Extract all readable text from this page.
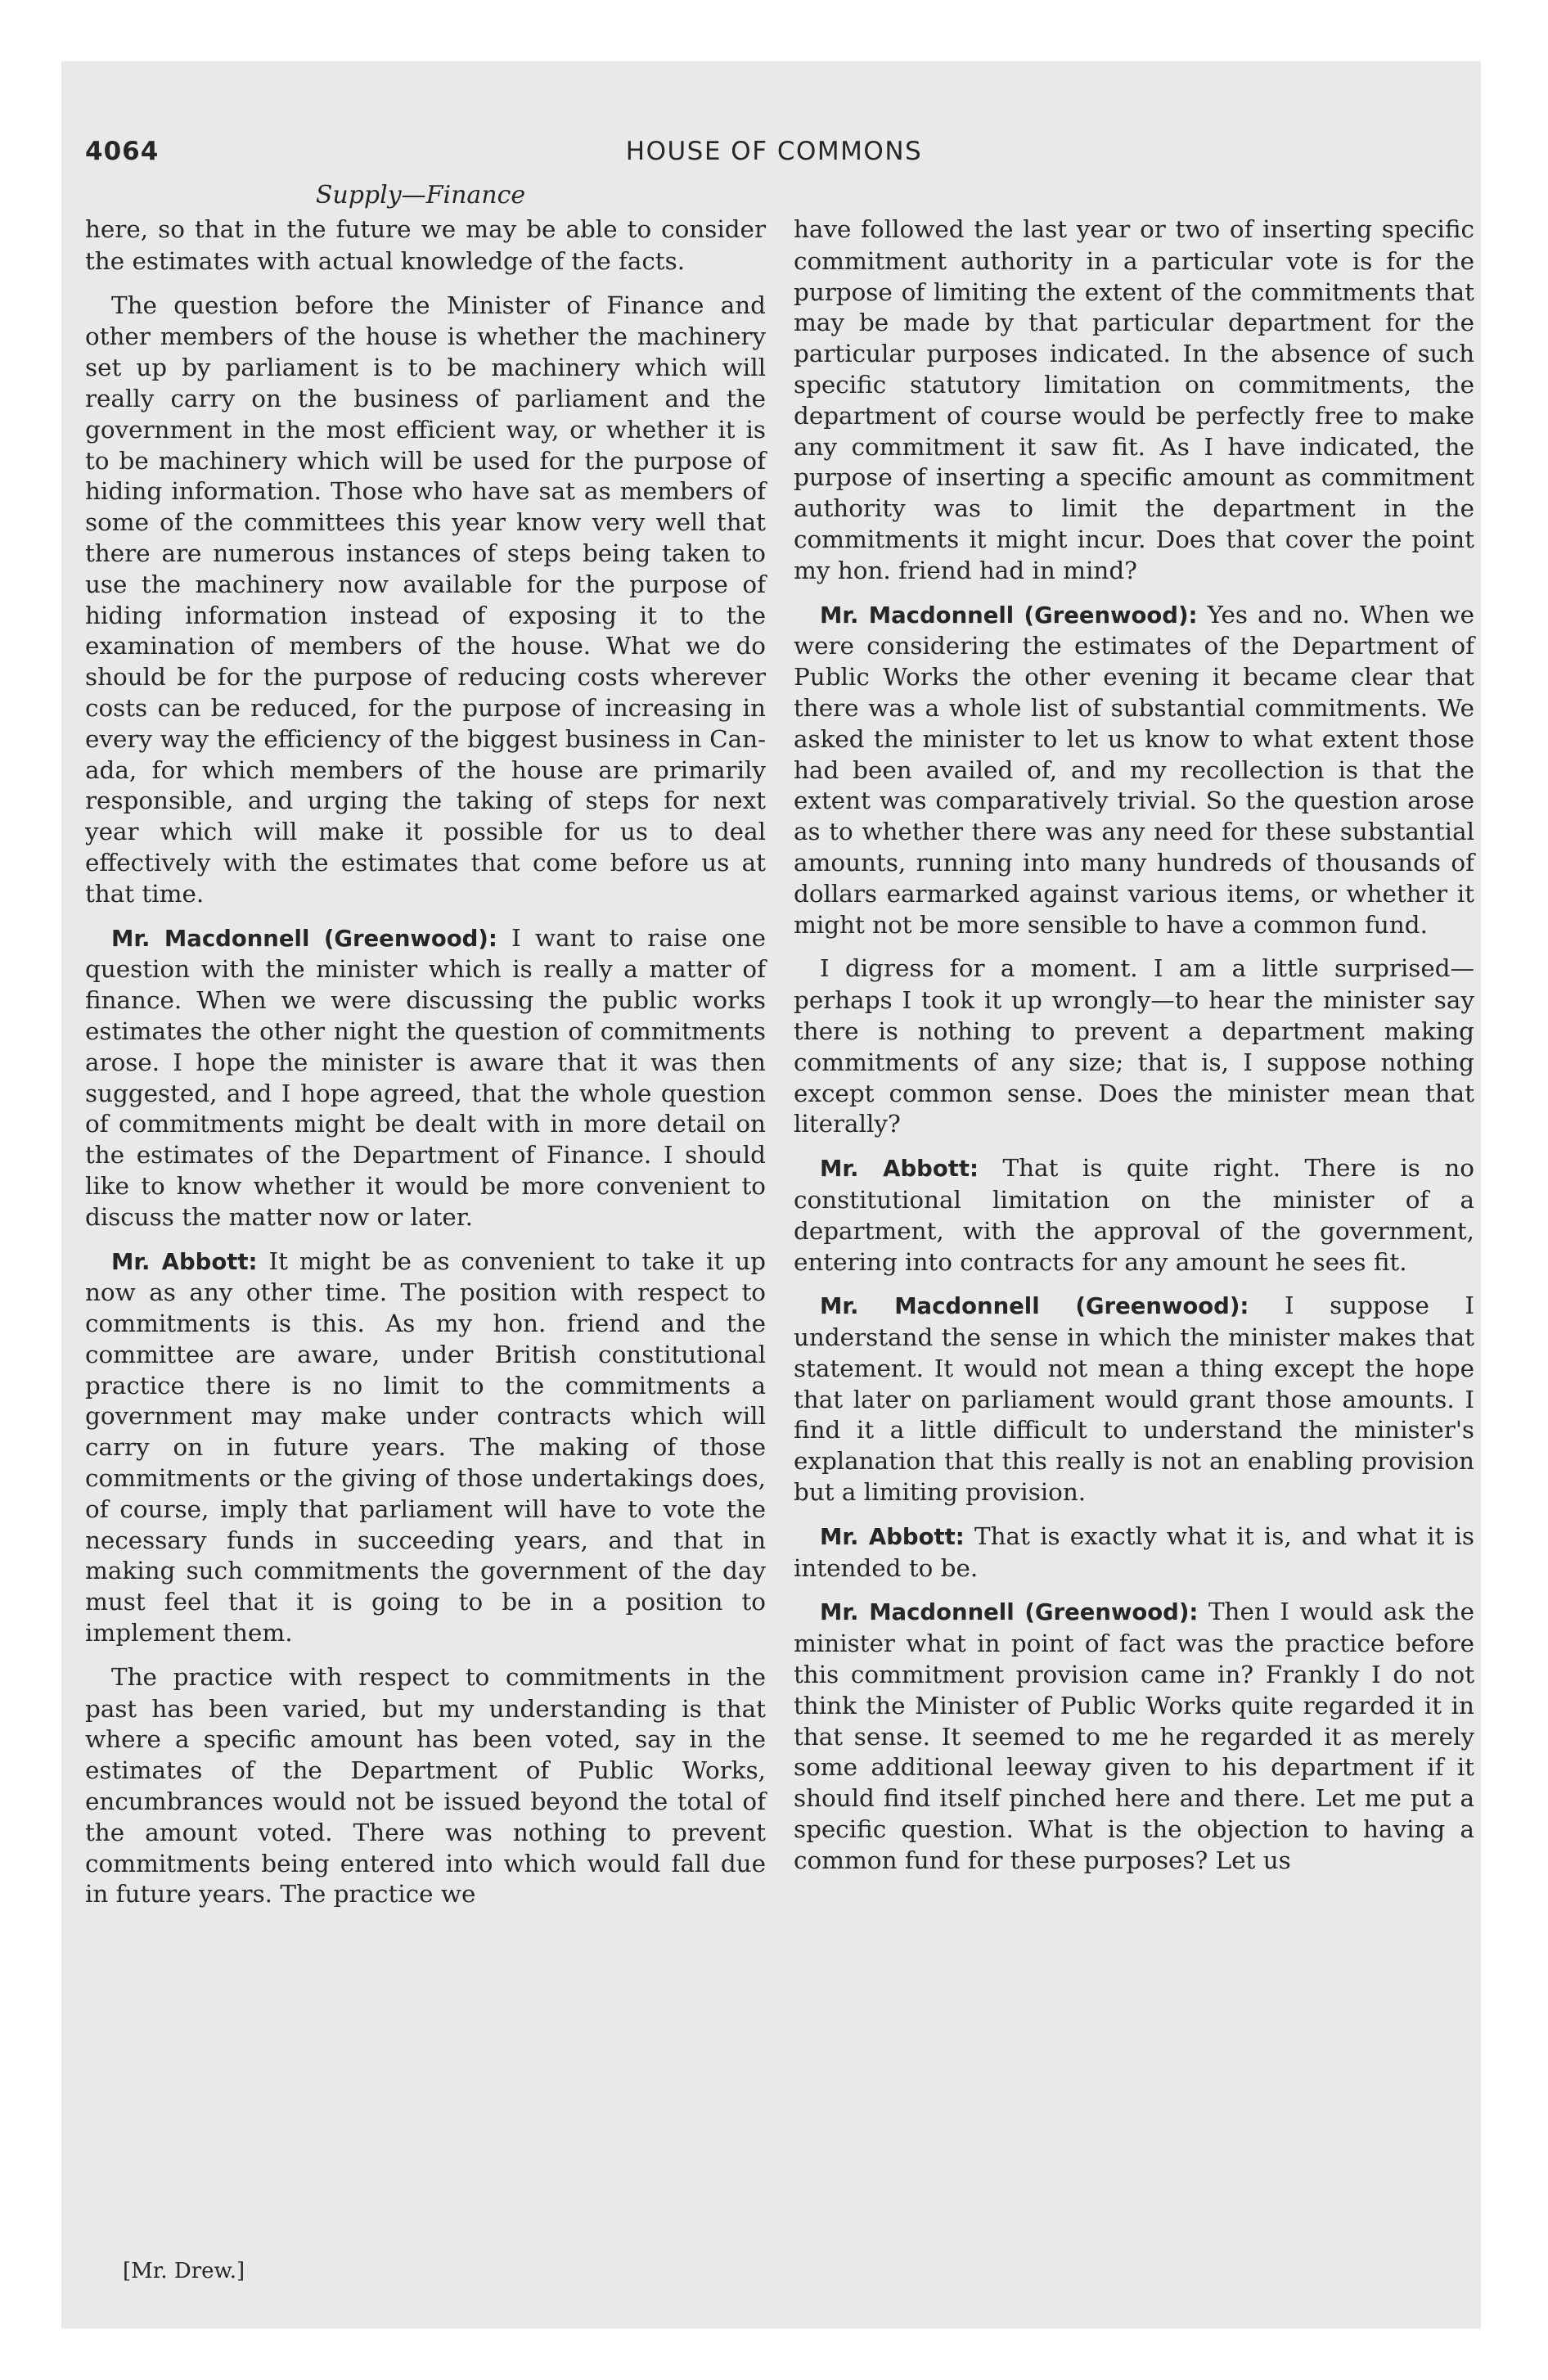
4064	HOUSE OF COMMONS
Supply—Finance

here, so that in the future we may be able to consider the estimates with actual knowledge of the facts.

The question before the Minister of Finance and other members of the house is whether the machinery set up by parliament is to be machinery which will really carry on the business of parliament and the government in the most efficient way, or whether it is to be machinery which will be used for the purpose of hiding information. Those who have sat as members of some of the committees this year know very well that there are numerous instances of steps being taken to use the machinery now available for the purpose of hiding information instead of exposing it to the examination of members of the house. What we do should be for the purpose of reducing costs wherever costs can be reduced, for the purpose of increasing in every way the efficiency of the biggest business in Canada, for which members of the house are primarily responsible, and urging the taking of steps for next year which will make it possible for us to deal effectively with the estimates that come before us at that time.

Mr. Macdonnell (Greenwood): I want to raise one question with the minister which is really a matter of finance. When we were discussing the public works estimates the other night the question of commitments arose. I hope the minister is aware that it was then suggested, and I hope agreed, that the whole question of commitments might be dealt with in more detail on the estimates of the Department of Finance. I should like to know whether it would be more convenient to discuss the matter now or later.

Mr. Abbott: It might be as convenient to take it up now as any other time. The position with respect to commitments is this. As my hon. friend and the committee are aware, under British constitutional practice there is no limit to the commitments a government may make under contracts which will carry on in future years. The making of those commitments or the giving of those undertakings does, of course, imply that parliament will have to vote the necessary funds in succeeding years, and that in making such commitments the government of the day must feel that it is going to be in a position to implement them.

The practice with respect to commitments in the past has been varied, but my understanding is that where a specific amount has been voted, say in the estimates of the Department of Public Works, encumbrances would not be issued beyond the total of the amount voted. There was nothing to prevent commitments being entered into which would fall due in future years. The practice we

have followed the last year or two of inserting specific commitment authority in a particular vote is for the purpose of limiting the extent of the commitments that may be made by that particular department for the particular purposes indicated. In the absence of such specific statutory limitation on commitments, the department of course would be perfectly free to make any commitment it saw fit. As I have indicated, the purpose of inserting a specific amount as commitment authority was to limit the department in the commitments it might incur. Does that cover the point my hon. friend had in mind?

Mr. Macdonnell (Greenwood): Yes and no. When we were considering the estimates of the Department of Public Works the other evening it became clear that there was a whole list of substantial commitments. We asked the minister to let us know to what extent those had been availed of, and my recollection is that the extent was comparatively trivial. So the question arose as to whether there was any need for these substantial amounts, running into many hundreds of thousands of dollars earmarked against various items, or whether it might not be more sensible to have a common fund.

I digress for a moment. I am a little surprised—perhaps I took it up wrongly—to hear the minister say there is nothing to prevent a department making commitments of any size; that is, I suppose nothing except common sense. Does the minister mean that literally?

Mr. Abbott: That is quite right. There is no constitutional limitation on the minister of a department, with the approval of the government, entering into contracts for any amount he sees fit.

Mr. Macdonnell (Greenwood): I suppose I understand the sense in which the minister makes that statement. It would not mean a thing except the hope that later on parliament would grant those amounts. I find it a little difficult to understand the minister's explanation that this really is not an enabling provision but a limiting provision.

Mr. Abbott: That is exactly what it is, and what it is intended to be.

Mr. Macdonnell (Greenwood): Then I would ask the minister what in point of fact was the practice before this commitment provision came in? Frankly I do not think the Minister of Public Works quite regarded it in that sense. It seemed to me he regarded it as merely some additional leeway given to his department if it should find itself pinched here and there. Let me put a specific question. What is the objection to having a common fund for these purposes? Let us

[Mr. Drew.]
